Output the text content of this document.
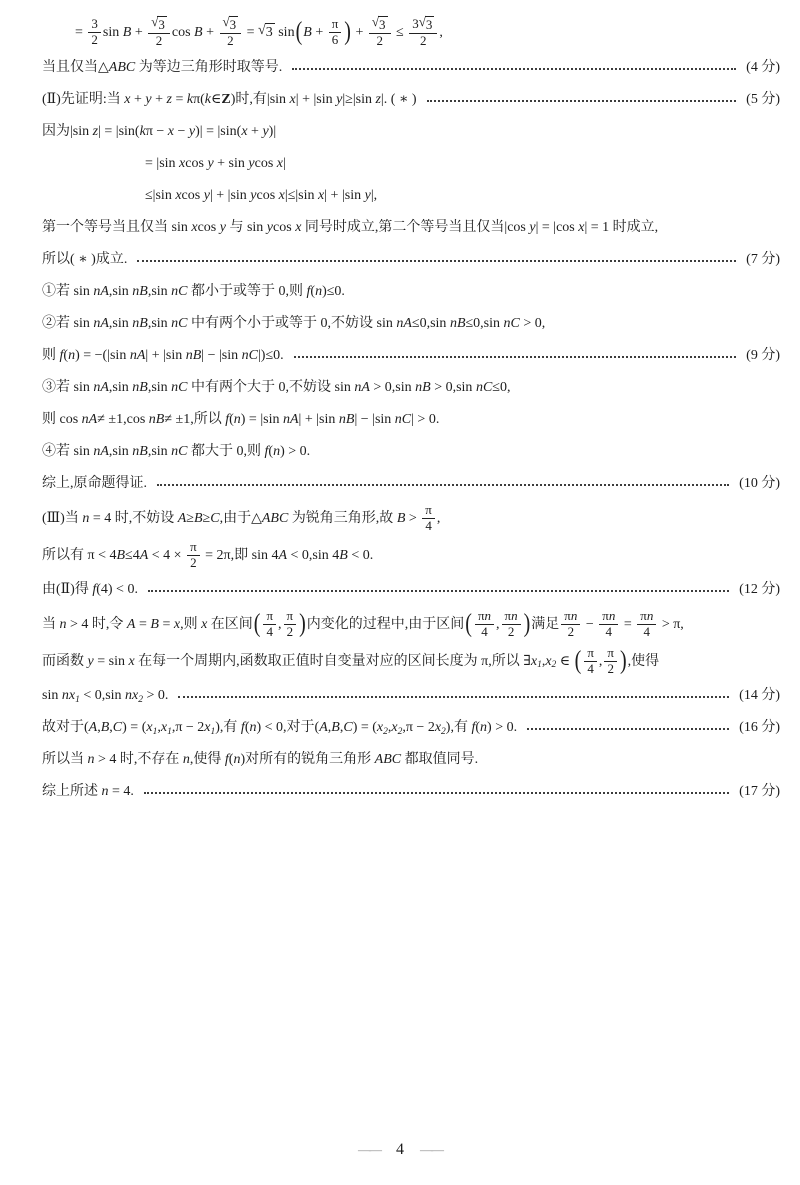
= $\frac{3}{2}$ $\sin B + \frac{√ 3}{2}$ $\cos B + \frac{√ 3}{2}$ = √ 3 sin ( $B + \frac{\pi}{6}$ ) + $\frac{√ 3}{2} \le \frac{3 √ 3}{2}$ ,
当且仅当△ ABC 为等边三角形时取等号.	(4 分)
(Ⅱ)先证明:当 x + y + z = k π( k ∈ Z )时,有|sin x | + |sin y |≥|sin z |. ( ∗ )	(5 分)
因为|sin z | = |sin( k π − x − y )| = |sin( x + y )|
= |sin x cos y + sin y cos x |
≤|sin x cos y | + |sin y cos x |≤|sin x | + |sin y |,
第一个等号当且仅当 sin x cos y 与 sin y cos x 同号时成立,第二个等号当且仅当|cos y | = |cos x | = 1 时成立,
所以( ∗ )成立.	(7 分)
①若 sin nA ,sin nB ,sin nC 都小于或等于 0,则 f ( n )≤0.
②若 sin nA ,sin nB ,sin nC 中有两个小于或等于 0,不妨设 sin nA ≤0,sin nB ≤0,sin nC > 0,
则 f ( n ) = −(|sin nA | + |sin nB | − |sin nC |)≤0.	(9 分)
③若 sin nA ,sin nB ,sin nC 中有两个大于 0,不妨设 sin nA > 0,sin nB > 0,sin nC ≤0,
则 cos nA ≠ ±1,cos nB ≠ ±1,所以 f ( n ) = |sin nA | + |sin nB | − |sin nC | > 0.
④若 sin nA ,sin nB ,sin nC 都大于 0,则 f ( n ) > 0.
综上,原命题得证.	(10 分)
(Ⅲ)当 n = 4 时,不妨设 A ≥ B ≥ C ,由于△ ABC 为锐角三角形,故 $B > \frac{\pi}{4}$ ,
所以有 π < 4 B ≤4 $A < 4 \times \frac{\pi}{2} = 2\pi$,即 sin 4 A < 0,sin 4 B < 0.
由(Ⅱ)得 f (4) < 0.	(12 分)
当 n > 4 时,令 A = B = x ,则 x 在区间 ( $\frac{\pi}{4}$ , $\frac{\pi}{2}$ ) 内变化的过程中,由于区间 ( $\frac{\text{π n}}{4}$ , $\frac{\text{π n}}{2}$ ) 满足 $\frac{\text{π n}}{2} - \frac{\text{π n}}{4} = \frac{\text{π n}}{4} > \pi$,
而函数 y = sin x 在每一个周期内,函数取正值时自变量对应的区间长度为 π,所以 ∃ x 1 , x 2 ∈ ( $\frac{\pi}{4}$ , $\frac{\pi}{2}$ ) ,使得
sin nx 1 < 0,sin nx 2 > 0.	(14 分)
故对于( A , B , C ) = ( x 1 , x 1 ,π − 2 x 1 ),有 f ( n ) < 0,对于( A , B , C ) = ( x 2 , x 2 ,π − 2 x 2 ),有 f ( n ) > 0.	(16 分)
所以当 n > 4 时,不存在 n ,使得 f ( n )对所有的锐角三角形 ABC 都取值同号.
综上所述 n = 4.	(17 分)
—— 4 ——
